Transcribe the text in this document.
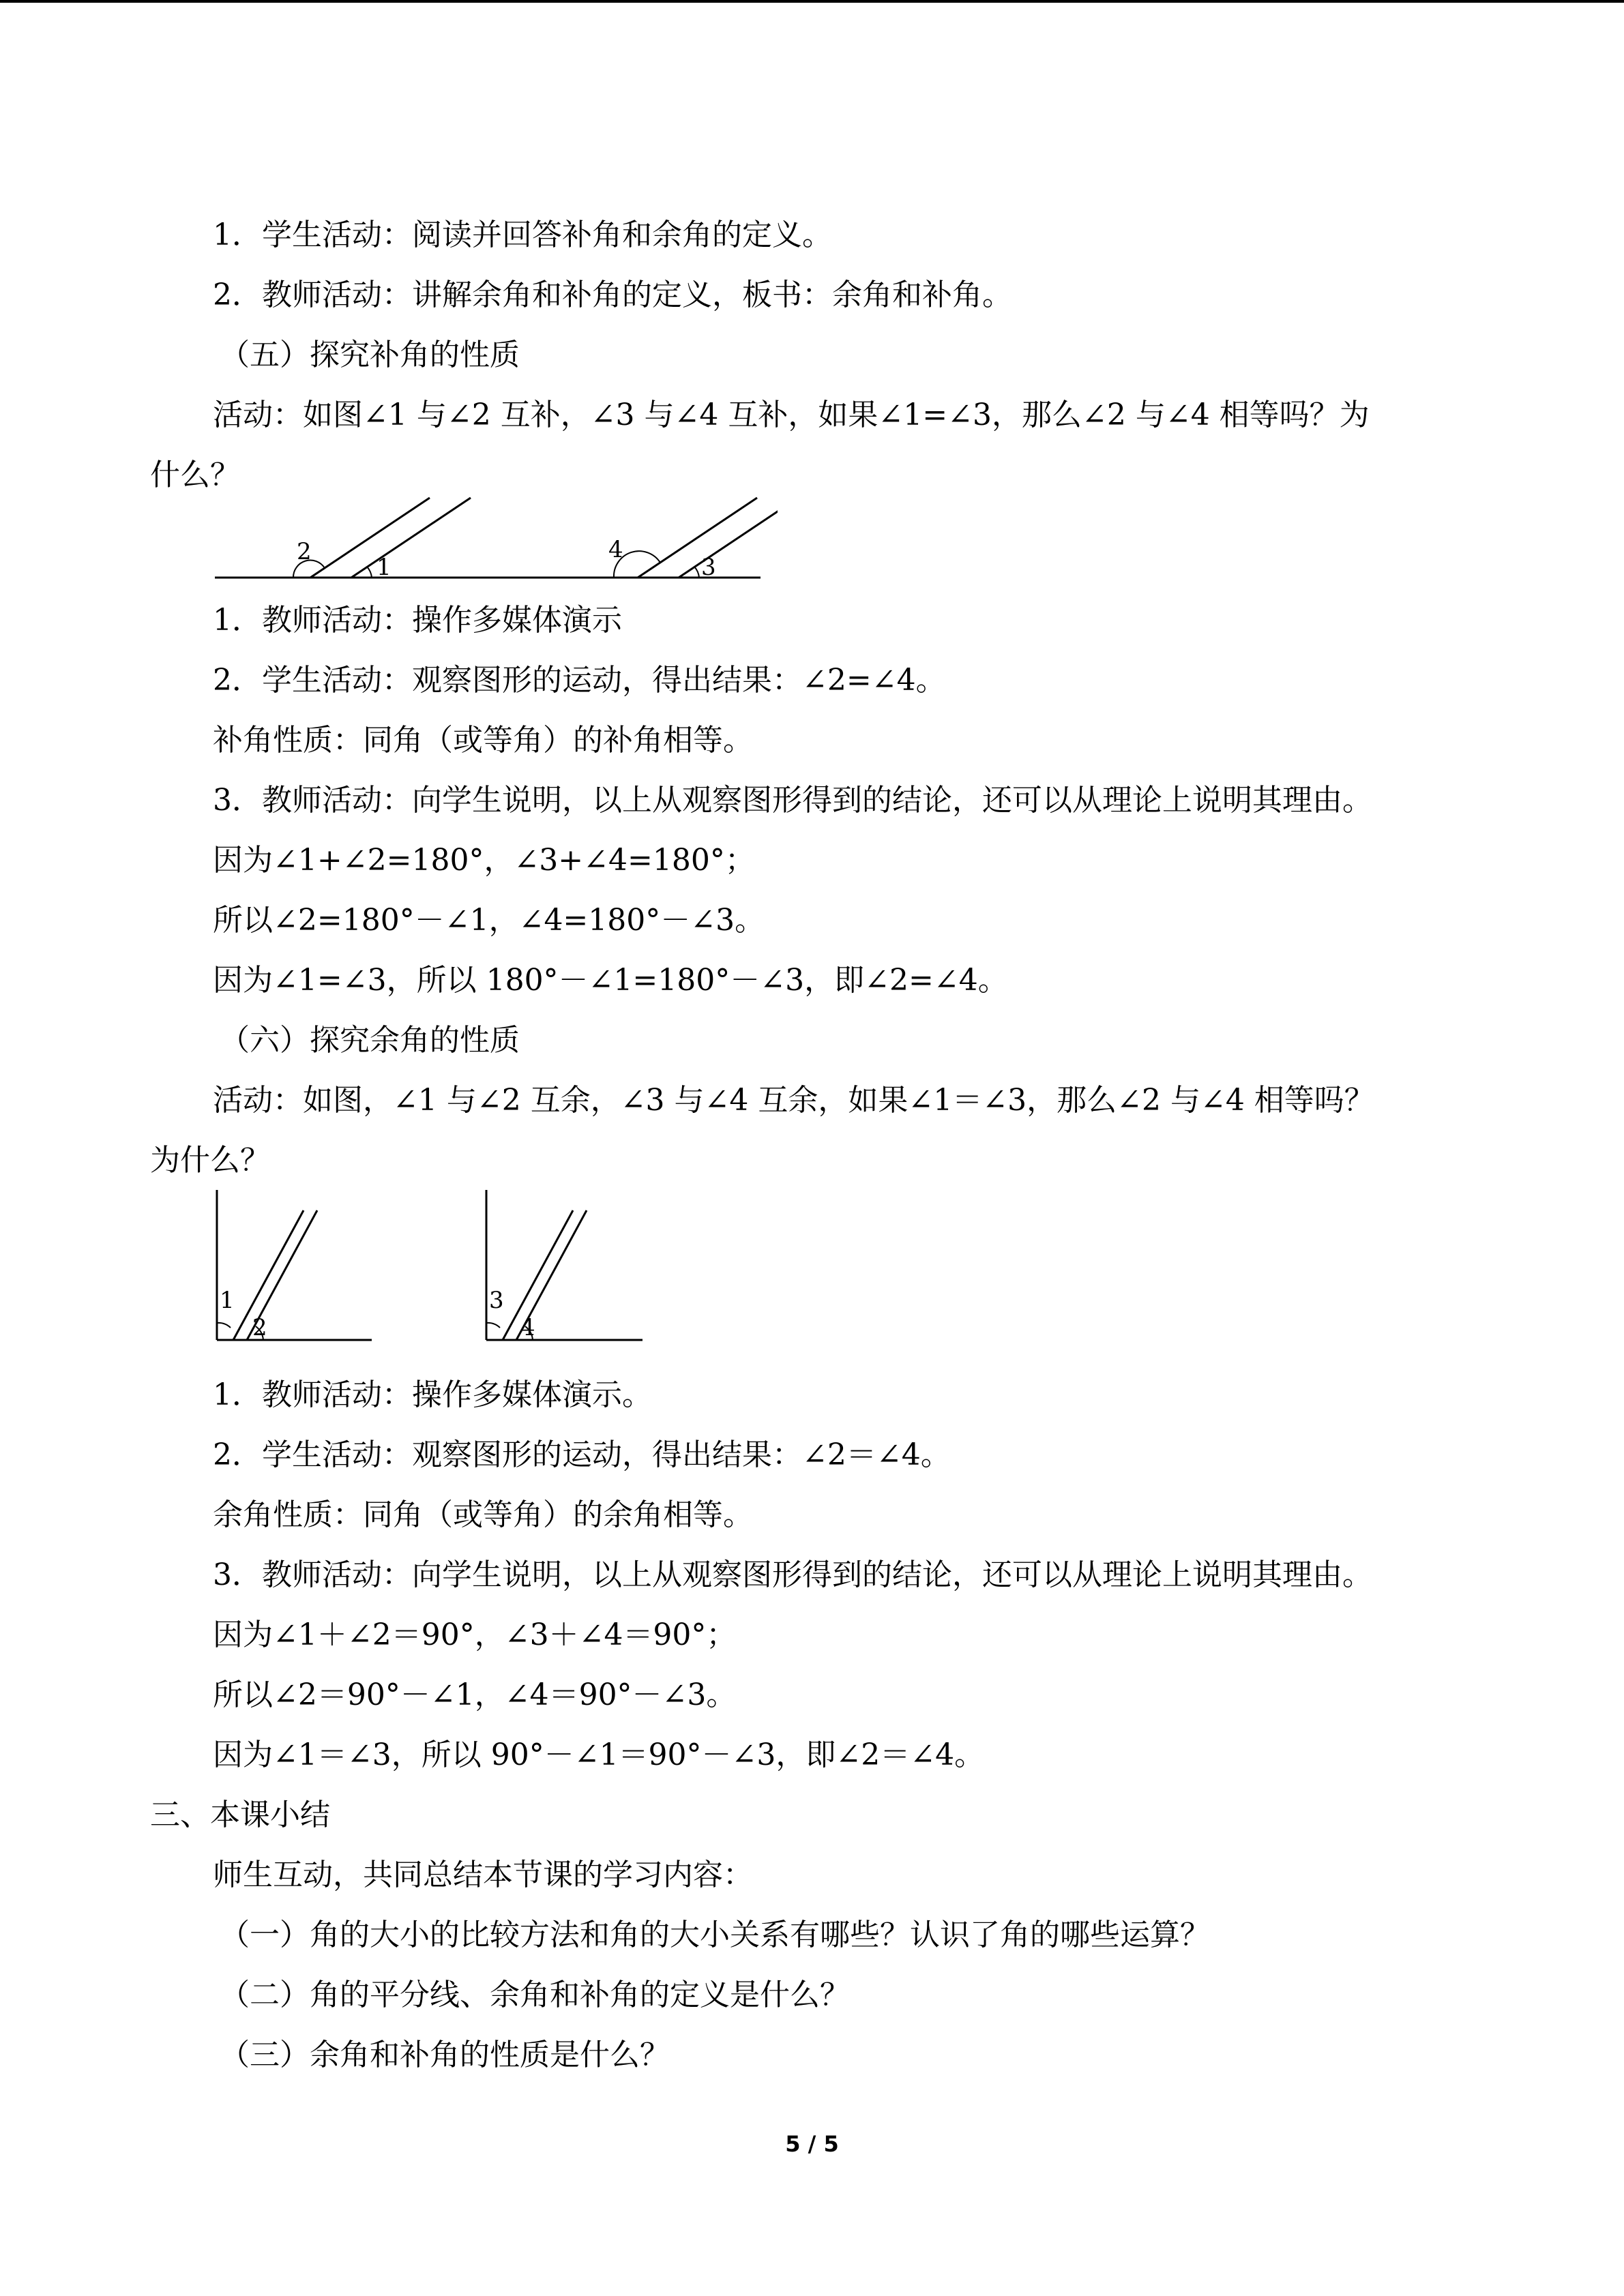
1．学生活动：阅读并回答补角和余角的定义。
2．教师活动：讲解余角和补角的定义，板书：余角和补角。
（五）探究补角的性质
活动：如图∠1 与∠2 互补，∠3 与∠4 互补，如果∠1=∠3，那么∠2 与∠4 相等吗？为
什么？
2
1
4
3
1．教师活动：操作多媒体演示
2．学生活动：观察图形的运动，得出结果：∠2=∠4。
补角性质：同角（或等角）的补角相等。
3．教师活动：向学生说明，以上从观察图形得到的结论，还可以从理论上说明其理由。
因为∠1+∠2=180°，∠3+∠4=180°；
所以∠2=180°－∠1，∠4=180°－∠3。
因为∠1=∠3，所以 180°－∠1=180°－∠3，即∠2=∠4。
（六）探究余角的性质
活动：如图，∠1 与∠2 互余，∠3 与∠4 互余，如果∠1＝∠3，那么∠2 与∠4 相等吗？
为什么？
1
2
3
4
1．教师活动：操作多媒体演示。
2．学生活动：观察图形的运动，得出结果：∠2＝∠4。
余角性质：同角（或等角）的余角相等。
3．教师活动：向学生说明，以上从观察图形得到的结论，还可以从理论上说明其理由。
因为∠1＋∠2＝90°，∠3＋∠4＝90°；
所以∠2＝90°－∠1，∠4＝90°－∠3。
因为∠1＝∠3，所以 90°－∠1＝90°－∠3，即∠2＝∠4。
三、本课小结
师生互动，共同总结本节课的学习内容：
（一）角的大小的比较方法和角的大小关系有哪些？认识了角的哪些运算？
（二）角的平分线、余角和补角的定义是什么？
（三）余角和补角的性质是什么？
5 / 5
